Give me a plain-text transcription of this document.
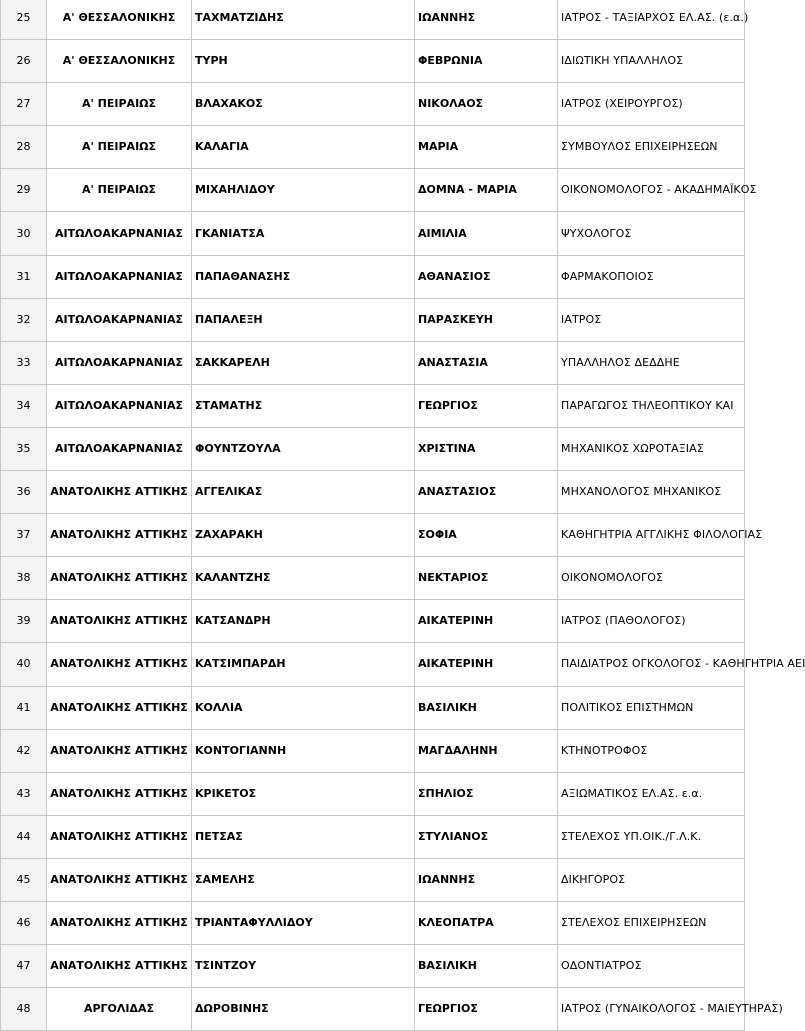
25	Α' ΘΕΣΣΑΛΟΝΙΚΗΣ	ΤΑΧΜΑΤΖΙΔΗΣ	ΙΩΑΝΝΗΣ	ΙΑΤΡΟΣ - ΤΑΞΙΑΡΧΟΣ ΕΛ.ΑΣ. (ε.α.)
26	Α' ΘΕΣΣΑΛΟΝΙΚΗΣ	ΤΥΡΗ	ΦΕΒΡΩΝΙΑ	ΙΔΙΩΤΙΚΗ ΥΠΑΛΛΗΛΟΣ
27	Α' ΠΕΙΡΑΙΩΣ	ΒΛΑΧΑΚΟΣ	ΝΙΚΟΛΑΟΣ	ΙΑΤΡΟΣ (ΧΕΙΡΟΥΡΓΟΣ)
28	Α' ΠΕΙΡΑΙΩΣ	ΚΑΛΑΓΙΑ	ΜΑΡΙΑ	ΣΥΜΒΟΥΛΟΣ ΕΠΙΧΕΙΡΗΣΕΩΝ
29	Α' ΠΕΙΡΑΙΩΣ	ΜΙΧΑΗΛΙΔΟΥ	ΔΟΜΝΑ - ΜΑΡΙΑ	ΟΙΚΟΝΟΜΟΛΟΓΟΣ - ΑΚΑΔΗΜΑΪΚΟΣ
30	ΑΙΤΩΛΟΑΚΑΡΝΑΝΙΑΣ	ΓΚΑΝΙΑΤΣΑ	ΑΙΜΙΛΙΑ	ΨΥΧΟΛΟΓΟΣ
31	ΑΙΤΩΛΟΑΚΑΡΝΑΝΙΑΣ	ΠΑΠΑΘΑΝΑΣΗΣ	ΑΘΑΝΑΣΙΟΣ	ΦΑΡΜΑΚΟΠΟΙΟΣ
32	ΑΙΤΩΛΟΑΚΑΡΝΑΝΙΑΣ	ΠΑΠΑΛΕΞΗ	ΠΑΡΑΣΚΕΥΗ	ΙΑΤΡΟΣ
33	ΑΙΤΩΛΟΑΚΑΡΝΑΝΙΑΣ	ΣΑΚΚΑΡΕΛΗ	ΑΝΑΣΤΑΣΙΑ	ΥΠΑΛΛΗΛΟΣ ΔΕΔΔΗΕ
34	ΑΙΤΩΛΟΑΚΑΡΝΑΝΙΑΣ	ΣΤΑΜΑΤΗΣ	ΓΕΩΡΓΙΟΣ	ΠΑΡΑΓΩΓΟΣ ΤΗΛΕΟΠΤΙΚΟΥ ΚΑΙ
35	ΑΙΤΩΛΟΑΚΑΡΝΑΝΙΑΣ	ΦΟΥΝΤΖΟΥΛΑ	ΧΡΙΣΤΙΝΑ	ΜΗΧΑΝΙΚΟΣ ΧΩΡΟΤΑΞΙΑΣ
36	ΑΝΑΤΟΛΙΚΗΣ ΑΤΤΙΚΗΣ	ΑΓΓΕΛΙΚΑΣ	ΑΝΑΣΤΑΣΙΟΣ	ΜΗΧΑΝΟΛΟΓΟΣ ΜΗΧΑΝΙΚΟΣ
37	ΑΝΑΤΟΛΙΚΗΣ ΑΤΤΙΚΗΣ	ΖΑΧΑΡΑΚΗ	ΣΟΦΙΑ	ΚΑΘΗΓΗΤΡΙΑ ΑΓΓΛΙΚΗΣ ΦΙΛΟΛΟΓΙΑΣ
38	ΑΝΑΤΟΛΙΚΗΣ ΑΤΤΙΚΗΣ	ΚΑΛΑΝΤΖΗΣ	ΝΕΚΤΑΡΙΟΣ	ΟΙΚΟΝΟΜΟΛΟΓΟΣ
39	ΑΝΑΤΟΛΙΚΗΣ ΑΤΤΙΚΗΣ	ΚΑΤΣΑΝΔΡΗ	ΑΙΚΑΤΕΡΙΝΗ	ΙΑΤΡΟΣ (ΠΑΘΟΛΟΓΟΣ)
40	ΑΝΑΤΟΛΙΚΗΣ ΑΤΤΙΚΗΣ	ΚΑΤΣΙΜΠΑΡΔΗ	ΑΙΚΑΤΕΡΙΝΗ	ΠΑΙΔΙΑΤΡΟΣ ΟΓΚΟΛΟΓΟΣ - ΚΑΘΗΓΗΤΡΙΑ ΑΕΙ
41	ΑΝΑΤΟΛΙΚΗΣ ΑΤΤΙΚΗΣ	ΚΟΛΛΙΑ	ΒΑΣΙΛΙΚΗ	ΠΟΛΙΤΙΚΟΣ ΕΠΙΣΤΗΜΩΝ
42	ΑΝΑΤΟΛΙΚΗΣ ΑΤΤΙΚΗΣ	ΚΟΝΤΟΓΙΑΝΝΗ	ΜΑΓΔΑΛΗΝΗ	ΚΤΗΝΟΤΡΟΦΟΣ
43	ΑΝΑΤΟΛΙΚΗΣ ΑΤΤΙΚΗΣ	ΚΡΙΚΕΤΟΣ	ΣΠΗΛΙΟΣ	ΑΞΙΩΜΑΤΙΚΟΣ ΕΛ.ΑΣ. ε.α.
44	ΑΝΑΤΟΛΙΚΗΣ ΑΤΤΙΚΗΣ	ΠΕΤΣΑΣ	ΣΤΥΛΙΑΝΟΣ	ΣΤΕΛΕΧΟΣ ΥΠ.ΟΙΚ./Γ.Λ.Κ.
45	ΑΝΑΤΟΛΙΚΗΣ ΑΤΤΙΚΗΣ	ΣΑΜΕΛΗΣ	ΙΩΑΝΝΗΣ	ΔΙΚΗΓΟΡΟΣ
46	ΑΝΑΤΟΛΙΚΗΣ ΑΤΤΙΚΗΣ	ΤΡΙΑΝΤΑΦΥΛΛΙΔΟΥ	ΚΛΕΟΠΑΤΡΑ	ΣΤΕΛΕΧΟΣ ΕΠΙΧΕΙΡΗΣΕΩΝ
47	ΑΝΑΤΟΛΙΚΗΣ ΑΤΤΙΚΗΣ	ΤΣΙΝΤΖΟΥ	ΒΑΣΙΛΙΚΗ	ΟΔΟΝΤΙΑΤΡΟΣ
48	ΑΡΓΟΛΙΔΑΣ	ΔΩΡΟΒΙΝΗΣ	ΓΕΩΡΓΙΟΣ	ΙΑΤΡΟΣ (ΓΥΝΑΙΚΟΛΟΓΟΣ - ΜΑΙΕΥΤΗΡΑΣ)
